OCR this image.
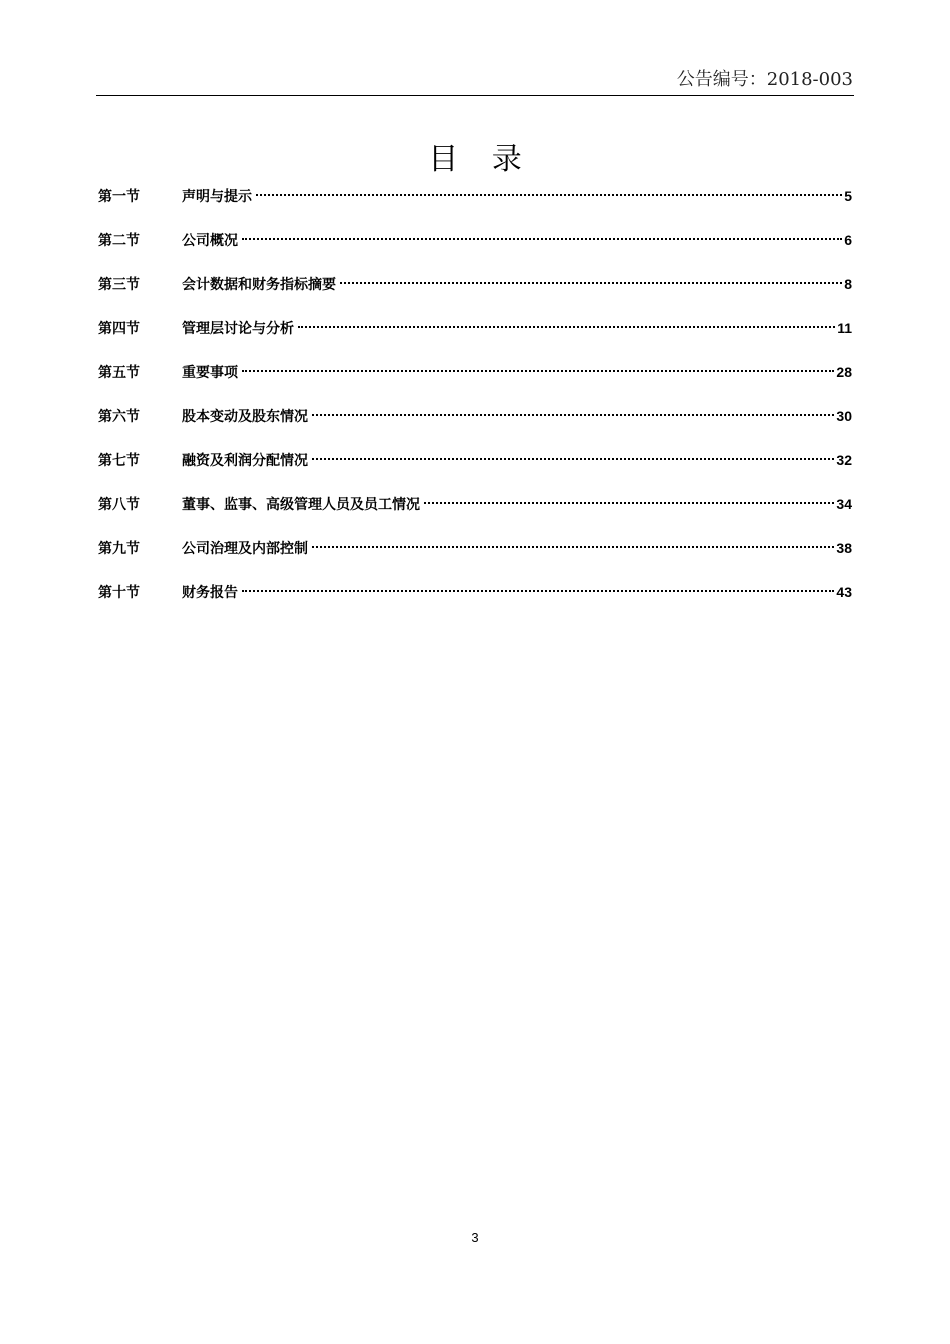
公告编号：2018-003
目 录
第一节	声明与提示	5
第二节	公司概况	6
第三节	会计数据和财务指标摘要	8
第四节	管理层讨论与分析	11
第五节	重要事项	28
第六节	股本变动及股东情况	30
第七节	融资及利润分配情况	32
第八节	董事、监事、高级管理人员及员工情况	34
第九节	公司治理及内部控制	38
第十节	财务报告	43
3
